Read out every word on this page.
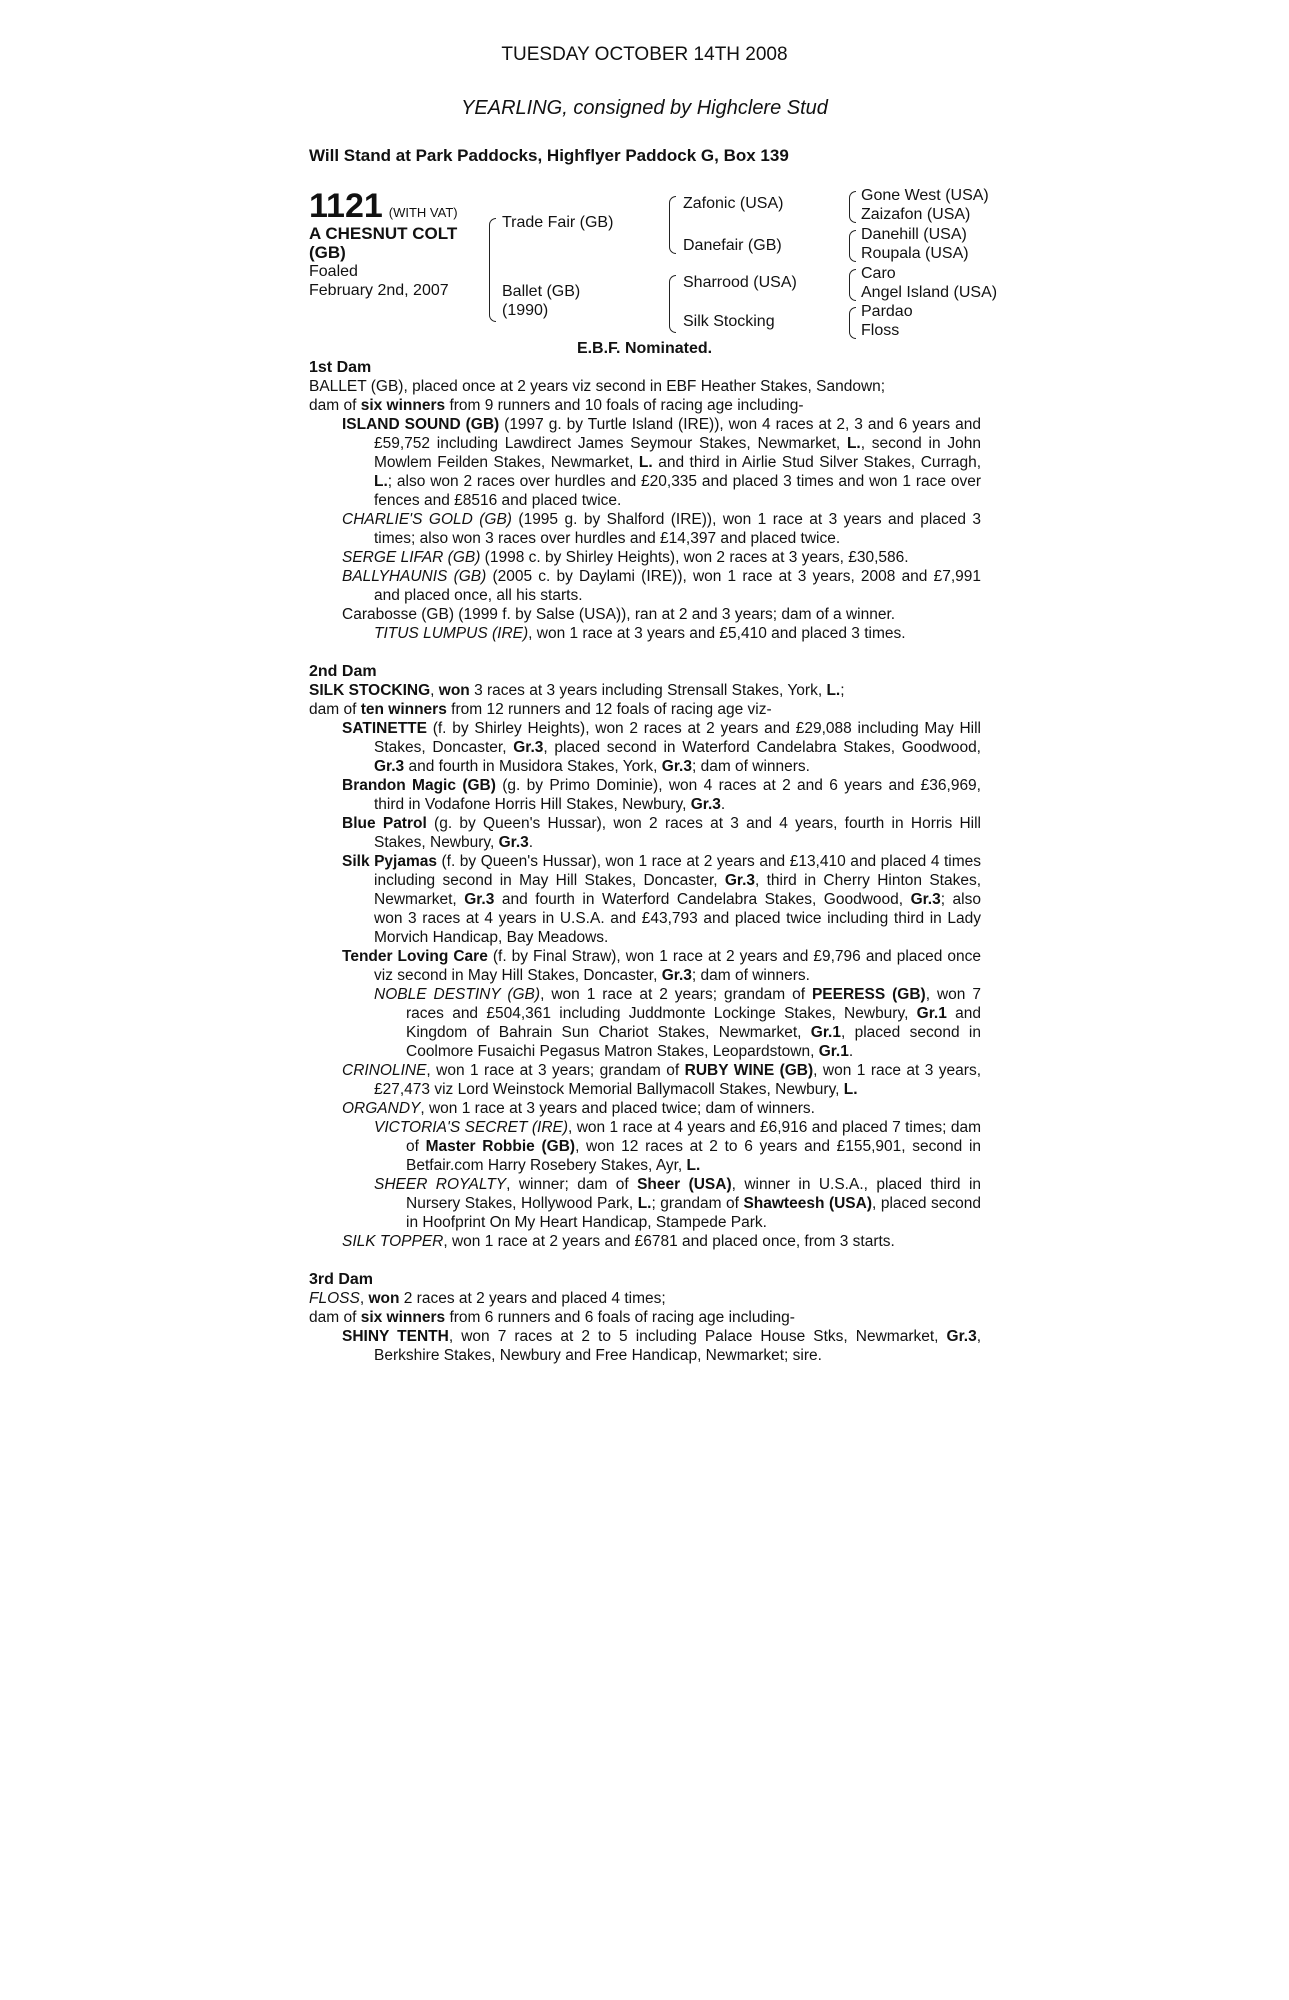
TUESDAY OCTOBER 14TH 2008
YEARLING, consigned by Highclere Stud
Will Stand at Park Paddocks, Highflyer Paddock G, Box 139
1121 (WITH VAT)
A CHESNUT COLT (GB)
Foaled
February 2nd, 2007
Trade Fair (GB)
Ballet (GB)
(1990)
Zafonic (USA)
Danefair (GB)
Sharrood (USA)
Silk Stocking
Gone West (USA)
Zaizafon (USA)
Danehill (USA)
Roupala (USA)
Caro
Angel Island (USA)
Pardao
Floss
E.B.F. Nominated.

1st Dam

BALLET (GB), placed once at 2 years viz second in EBF Heather Stakes, Sandown;

dam of six winners from 9 runners and 10 foals of racing age including-

ISLAND SOUND (GB) (1997 g. by Turtle Island (IRE)), won 4 races at 2, 3 and 6 years and £59,752 including Lawdirect James Seymour Stakes, Newmarket, L., second in John Mowlem Feilden Stakes, Newmarket, L. and third in Airlie Stud Silver Stakes, Curragh, L.; also won 2 races over hurdles and £20,335 and placed 3 times and won 1 race over fences and £8516 and placed twice.

CHARLIE'S GOLD (GB) (1995 g. by Shalford (IRE)), won 1 race at 3 years and placed 3 times; also won 3 races over hurdles and £14,397 and placed twice.

SERGE LIFAR (GB) (1998 c. by Shirley Heights), won 2 races at 3 years, £30,586.

BALLYHAUNIS (GB) (2005 c. by Daylami (IRE)), won 1 race at 3 years, 2008 and £7,991 and placed once, all his starts.

Carabosse (GB) (1999 f. by Salse (USA)), ran at 2 and 3 years; dam of a winner.

TITUS LUMPUS (IRE), won 1 race at 3 years and £5,410 and placed 3 times.

2nd Dam

SILK STOCKING, won 3 races at 3 years including Strensall Stakes, York, L.;

dam of ten winners from 12 runners and 12 foals of racing age viz-

SATINETTE (f. by Shirley Heights), won 2 races at 2 years and £29,088 including May Hill Stakes, Doncaster, Gr.3, placed second in Waterford Candelabra Stakes, Goodwood, Gr.3 and fourth in Musidora Stakes, York, Gr.3; dam of winners.

Brandon Magic (GB) (g. by Primo Dominie), won 4 races at 2 and 6 years and £36,969, third in Vodafone Horris Hill Stakes, Newbury, Gr.3.

Blue Patrol (g. by Queen's Hussar), won 2 races at 3 and 4 years, fourth in Horris Hill Stakes, Newbury, Gr.3.

Silk Pyjamas (f. by Queen's Hussar), won 1 race at 2 years and £13,410 and placed 4 times including second in May Hill Stakes, Doncaster, Gr.3, third in Cherry Hinton Stakes, Newmarket, Gr.3 and fourth in Waterford Candelabra Stakes, Goodwood, Gr.3; also won 3 races at 4 years in U.S.A. and £43,793 and placed twice including third in Lady Morvich Handicap, Bay Meadows.

Tender Loving Care (f. by Final Straw), won 1 race at 2 years and £9,796 and placed once viz second in May Hill Stakes, Doncaster, Gr.3; dam of winners.

NOBLE DESTINY (GB), won 1 race at 2 years; grandam of PEERESS (GB), won 7 races and £504,361 including Juddmonte Lockinge Stakes, Newbury, Gr.1 and Kingdom of Bahrain Sun Chariot Stakes, Newmarket, Gr.1, placed second in Coolmore Fusaichi Pegasus Matron Stakes, Leopardstown, Gr.1.

CRINOLINE, won 1 race at 3 years; grandam of RUBY WINE (GB), won 1 race at 3 years, £27,473 viz Lord Weinstock Memorial Ballymacoll Stakes, Newbury, L.

ORGANDY, won 1 race at 3 years and placed twice; dam of winners.

VICTORIA'S SECRET (IRE), won 1 race at 4 years and £6,916 and placed 7 times; dam of Master Robbie (GB), won 12 races at 2 to 6 years and £155,901, second in Betfair.com Harry Rosebery Stakes, Ayr, L.

SHEER ROYALTY, winner; dam of Sheer (USA), winner in U.S.A., placed third in Nursery Stakes, Hollywood Park, L.; grandam of Shawteesh (USA), placed second in Hoofprint On My Heart Handicap, Stampede Park.

SILK TOPPER, won 1 race at 2 years and £6781 and placed once, from 3 starts.

3rd Dam

FLOSS, won 2 races at 2 years and placed 4 times;

dam of six winners from 6 runners and 6 foals of racing age including-

SHINY TENTH, won 7 races at 2 to 5 including Palace House Stks, Newmarket, Gr.3, Berkshire Stakes, Newbury and Free Handicap, Newmarket; sire.
